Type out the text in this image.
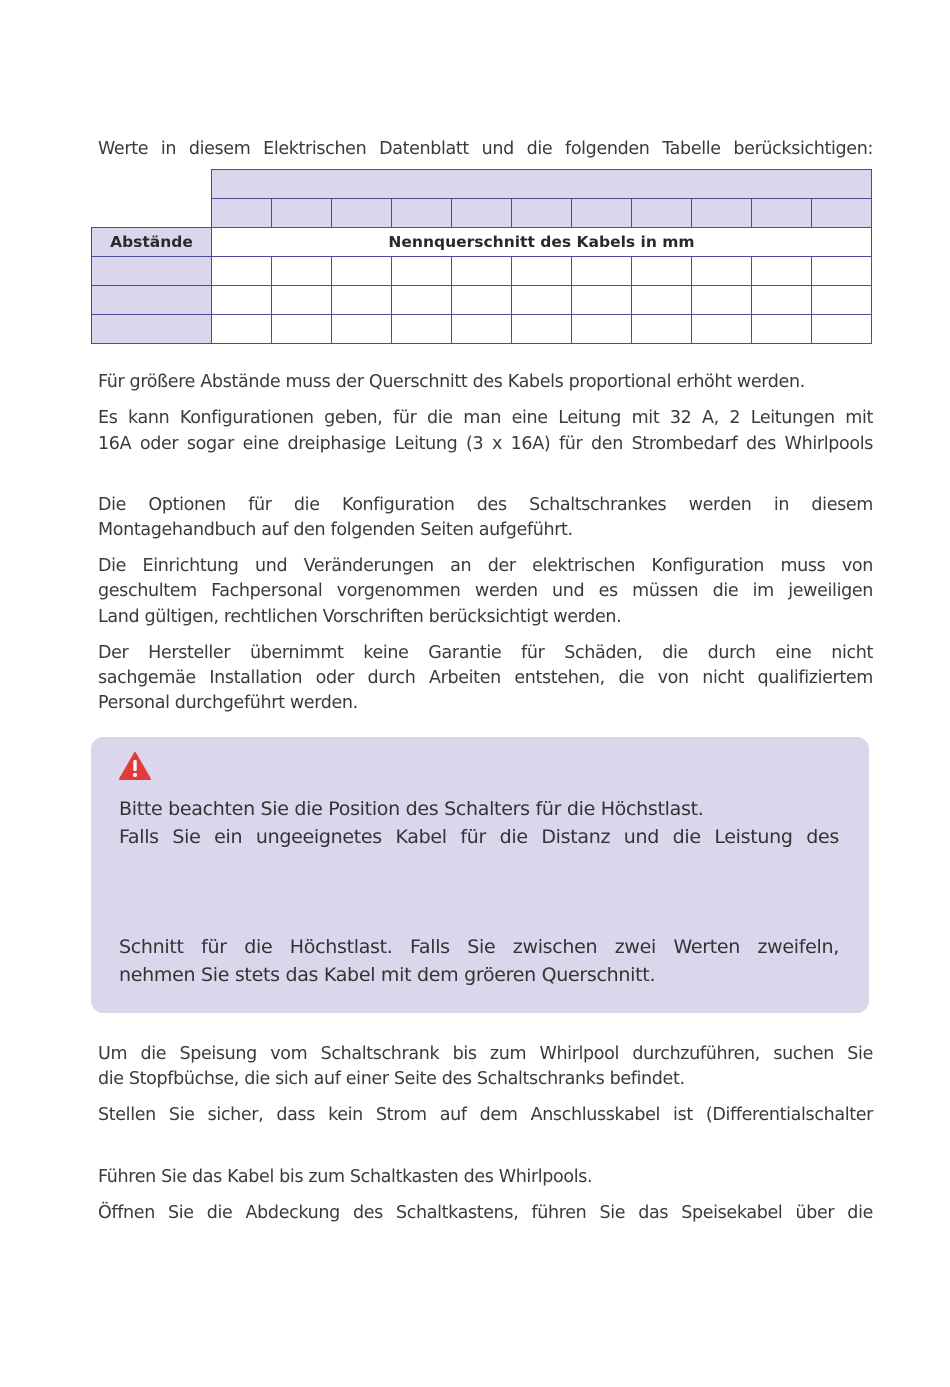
Werte in diesem Elektrischen Datenblatt und die folgenden Tabelle berücksichtigen:

Abstände	Nennquerschnitt des Kabels in mm										

Für größere Abstände muss der Querschnitt des Kabels proportional erhöht werden.

Es kann Konfigurationen geben, für die man eine Leitung mit 32 A, 2 Leitungen mit

16A oder sogar eine dreiphasige Leitung (3 x 16A) für den Strombedarf des Whirlpools

Die Optionen für die Konfiguration des Schaltschrankes werden in diesem

Montagehandbuch auf den folgenden Seiten aufgeführt.

Die Einrichtung und Veränderungen an der elektrischen Konfiguration muss von

geschultem Fachpersonal vorgenommen werden und es müssen die im jeweiligen

Land gültigen, rechtlichen Vorschriften berücksichtigt werden.

Der Hersteller übernimmt keine Garantie für Schäden, die durch eine nicht

sachgemäe Installation oder durch Arbeiten entstehen, die von nicht qualifiziertem

Personal durchgeführt werden.

Bitte beachten Sie die Position des Schalters für die Höchstlast.

Falls Sie ein ungeeignetes Kabel für die Distanz und die Leistung des

Schnitt für die Höchstlast. Falls Sie zwischen zwei Werten zweifeln,

nehmen Sie stets das Kabel mit dem gröeren Querschnitt.

Um die Speisung vom Schaltschrank bis zum Whirlpool durchzuführen, suchen Sie

die Stopfbüchse, die sich auf einer Seite des Schaltschranks befindet.

Stellen Sie sicher, dass kein Strom auf dem Anschlusskabel ist (Differentialschalter

Führen Sie das Kabel bis zum Schaltkasten des Whirlpools.

Öffnen Sie die Abdeckung des Schaltkastens, führen Sie das Speisekabel über die
